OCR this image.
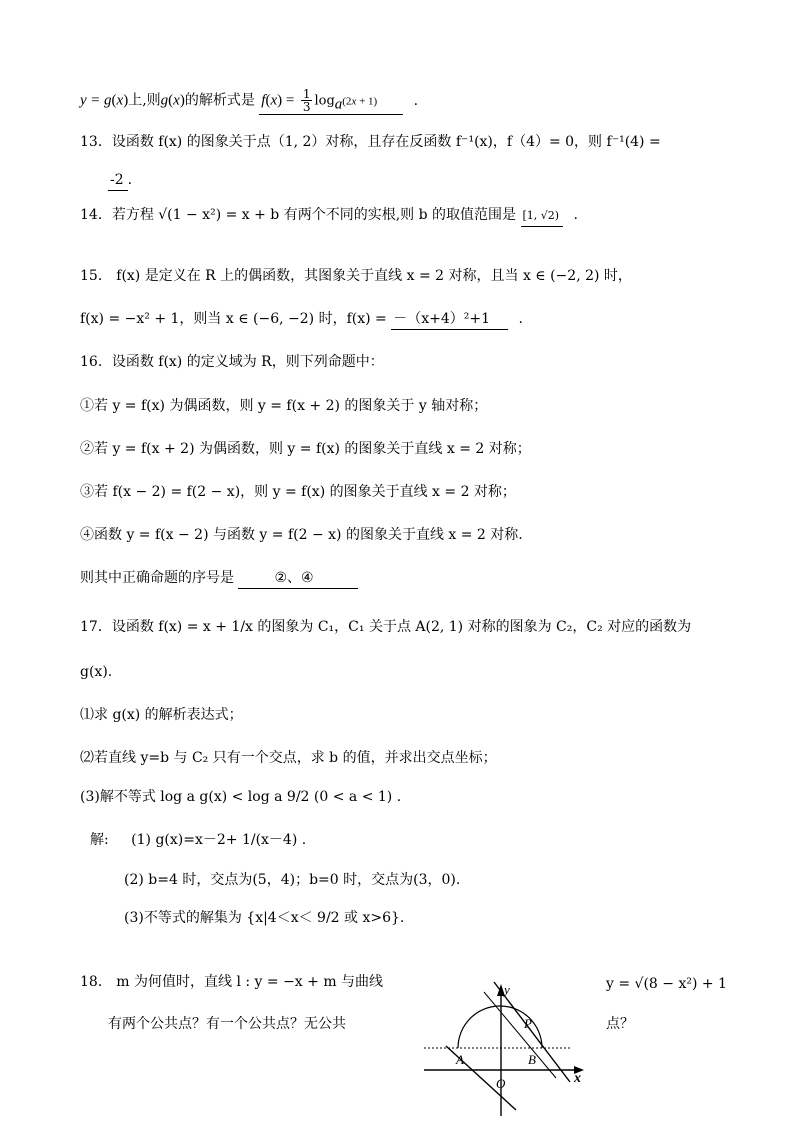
y = g(x)上,则g(x)的解析式是 $f(x) = \frac{1}{3} \log_a(2x + 1)$	.
13．设函数 f(x) 的图象关于点（1, 2）对称，且存在反函数 f⁻¹(x)，f（4）= 0，则 f⁻¹(4) =
-2 .
14．若方程 √(1 − x²) = x + b 有两个不同的实根,则 b 的取值范围是 [1, √2) .
15． f(x) 是定义在 R 上的偶函数，其图象关于直线 x = 2 对称，且当 x ∈ (−2, 2) 时，
f(x) = −x² + 1，则当 x ∈ (−6, −2) 时，f(x) = －（x+4）²+1 .
16．设函数 f(x) 的定义域为 R，则下列命题中：
①若 y = f(x) 为偶函数，则 y = f(x + 2) 的图象关于 y 轴对称；
②若 y = f(x + 2) 为偶函数，则 y = f(x) 的图象关于直线 x = 2 对称；
③若 f(x − 2) = f(2 − x)，则 y = f(x) 的图象关于直线 x = 2 对称；
④函数 y = f(x − 2) 与函数 y = f(2 − x) 的图象关于直线 x = 2 对称.
则其中正确命题的序号是	②、④
17．设函数 f(x) = x + 1/x 的图象为 C₁，C₁ 关于点 A(2, 1) 对称的图象为 C₂，C₂ 对应的函数为
g(x).
⑴求 g(x) 的解析表达式；
⑵若直线 y=b 与 C₂ 只有一个交点，求 b 的值，并求出交点坐标；
(3)解不等式 log a g(x) < log a 9/2 (0 < a < 1) .
解: (1) g(x)=x－2+ 1/(x－4) .
(2) b=4 时，交点为(5，4)；b=0 时，交点为(3，0).
(3)不等式的解集为 {x|4＜x＜ 9/2 或 x>6}.
18． m 为何值时，直线 l : y = −x + m 与曲线	y = √(8 − x²) + 1
有两个公共点？有一个公共点？无公共	点？
y
x
P
A	B
O
